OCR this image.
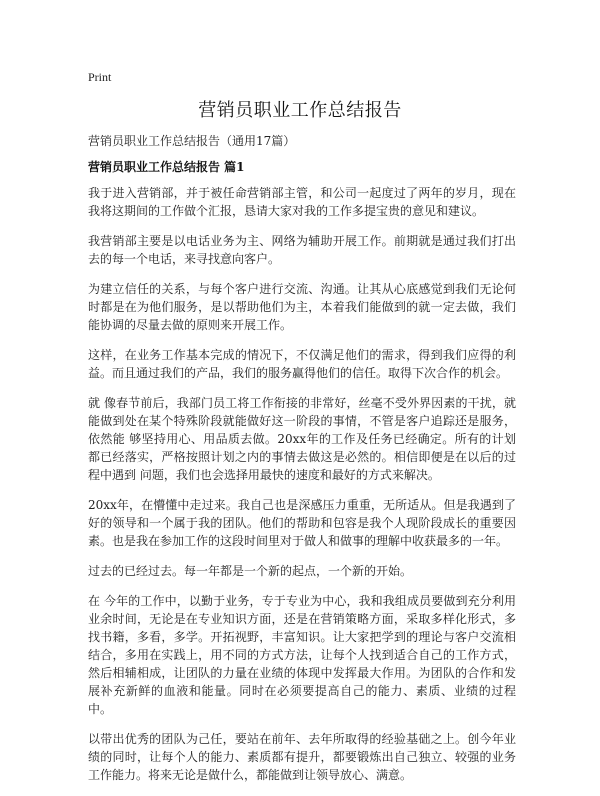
Print
营销员职业工作总结报告
营销员职业工作总结报告（通用17篇）
营销员职业工作总结报告 篇1

我于进入营销部，并于被任命营销部主管，和公司一起度过了两年的岁月，现在我将这期间的工作做个汇报，恳请大家对我的工作多提宝贵的意见和建议。

我营销部主要是以电话业务为主、网络为辅助开展工作。前期就是通过我们打出去的每一个电话，来寻找意向客户。

为建立信任的关系，与每个客户进行交流、沟通。让其从心底感觉到我们无论何时都是在为他们服务，是以帮助他们为主，本着我们能做到的就一定去做，我们能协调的尽量去做的原则来开展工作。

这样，在业务工作基本完成的情况下，不仅满足他们的需求，得到我们应得的利益。而且通过我们的产品，我们的服务赢得他们的信任。取得下次合作的机会。

就 像春节前后，我部门员工将工作衔接的非常好，丝毫不受外界因素的干扰，就能做到处在某个特殊阶段就能做好这一阶段的事情，不管是客户追踪还是服务，依然能 够坚持用心、用品质去做。20xx年的工作及任务已经确定。所有的计划都已经落实，严格按照计划之内的事情去做这是必然的。相信即便是在以后的过程中遇到 问题，我们也会选择用最快的速度和最好的方式来解决。

20xx年，在懵懂中走过来。我自己也是深感压力重重，无所适从。但是我遇到了好的领导和一个属于我的团队。他们的帮助和包容是我个人现阶段成长的重要因素。也是我在参加工作的这段时间里对于做人和做事的理解中收获最多的一年。

过去的已经过去。每一年都是一个新的起点，一个新的开始。

在 今年的工作中，以勤于业务，专于专业为中心，我和我组成员要做到充分利用业余时间，无论是在专业知识方面，还是在营销策略方面，采取多样化形式，多找书籍，多看，多学。开拓视野，丰富知识。让大家把学到的理论与客户交流相结合，多用在实践上，用不同的方式方法，让每个人找到适合自己的工作方式，然后相辅相成，让团队的力量在业绩的体现中发挥最大作用。为团队的合作和发展补充新鲜的血液和能量。同时在必须要提高自己的能力、素质、业绩的过程中。

以带出优秀的团队为己任，要站在前年、去年所取得的经验基础之上。创今年业绩的同时，让每个人的能力、素质都有提升，都要锻炼出自己独立、较强的业务工作能力。将来无论是做什么，都能做到让领导放心、满意。
